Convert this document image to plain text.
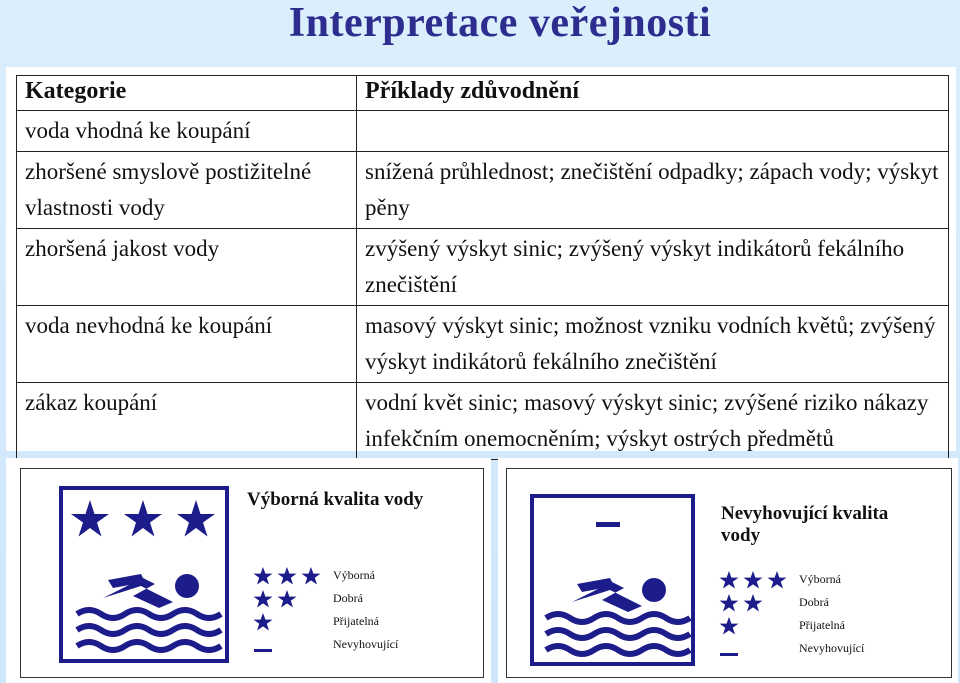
Interpretace veřejnosti
Kategorie	Příklady zdůvodnění
voda vhodná ke koupání	
zhoršené smyslově postižitelné vlastnosti vody	snížená průhlednost; znečištění odpadky; zápach vody; výskyt pěny
zhoršená jakost vody	zvýšený výskyt sinic; zvýšený výskyt indikátorů fekálního znečištění
voda nevhodná ke koupání	masový výskyt sinic; možnost vzniku vodních květů; zvýšený výskyt indikátorů fekálního znečištění
zákaz koupání	vodní květ sinic; masový výskyt sinic; zvýšené riziko nákazy infekčním onemocněním; výskyt ostrých předmětů
Výborná kvalita vody
Výborná
Dobrá
Přijatelná
Nevyhovující
Nevyhovující kvalita vody
Výborná
Dobrá
Přijatelná
Nevyhovující
